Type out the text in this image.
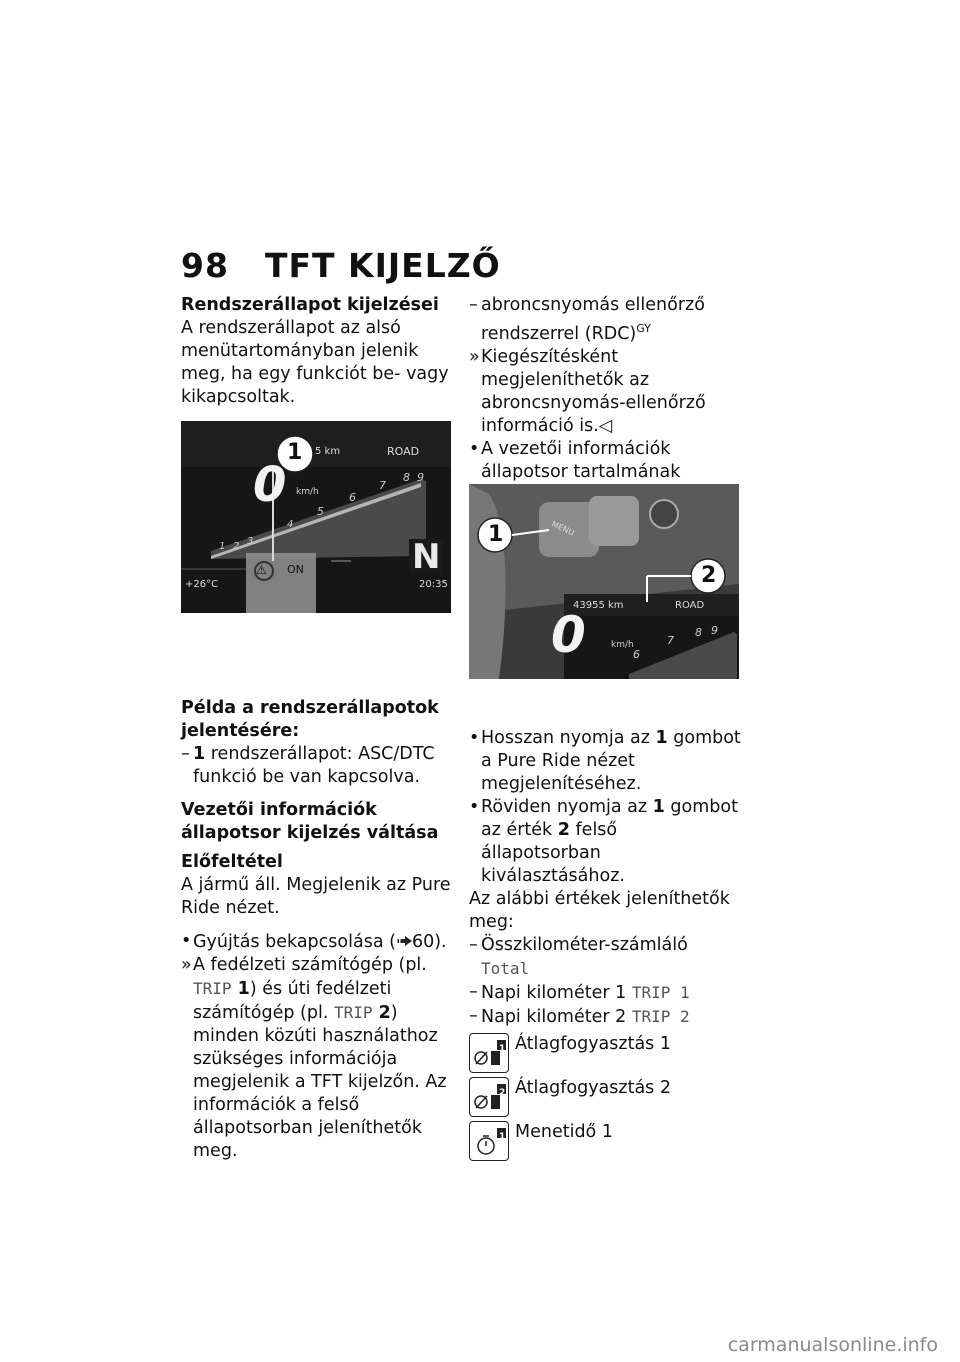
98 TFT KIJELZŐ

Rendszerállapot kijelzései

A rendszerállapot az alsó menütartományban jelenik meg, ha egy funkciót be- vagy kikapcsoltak.

Példa a rendszerállapotok jelentésére:

– 1 rendszerállapot: ASC/DTC funkció be van kapcsolva.

Vezetői információk állapotsor kijelzés váltása

Előfeltétel

A jármű áll. Megjelenik az Pure Ride nézet.

• Gyújtás bekapcsolása ( 60).
» A fedélzeti számítógép (pl. TRIP 1) és úti fedélzeti számítógép (pl. TRIP 2) minden közúti használathoz szükséges információja megjelenik a TFT kijelzőn. Az információk a felső állapotsorban jeleníthetők meg.
1 5 km	ROAD
0 km/h
1 2 3
4
5
6
7
8 9
N
⚠ ON
+26°C	20:35
– abroncsnyomás ellenőrző rendszerrel (RDC)$^{GY}$
» Kiegészítésként megjeleníthetők az abroncsnyomás-ellenőrző információ is.◁
• A vezetői információk állapotsor tartalmának
• Hosszan nyomja az 1 gombot a Pure Ride nézet megjelenítéséhez.
• Röviden nyomja az 1 gombot az érték 2 felső állapotsorban kiválasztásához.

Az alábbi értékek jeleníthetők meg:

– Összkilométer-számláló Total
– Napi kilométer 1 TRIP 1
– Napi kilométer 2 TRIP 2
1 Átlagfogyasztás 1
2 Átlagfogyasztás 2
1 Menetidő 1
1
2
MENU
43955 km	ROAD
0	km/h
6
7
8 9
carmanualsonline.info
